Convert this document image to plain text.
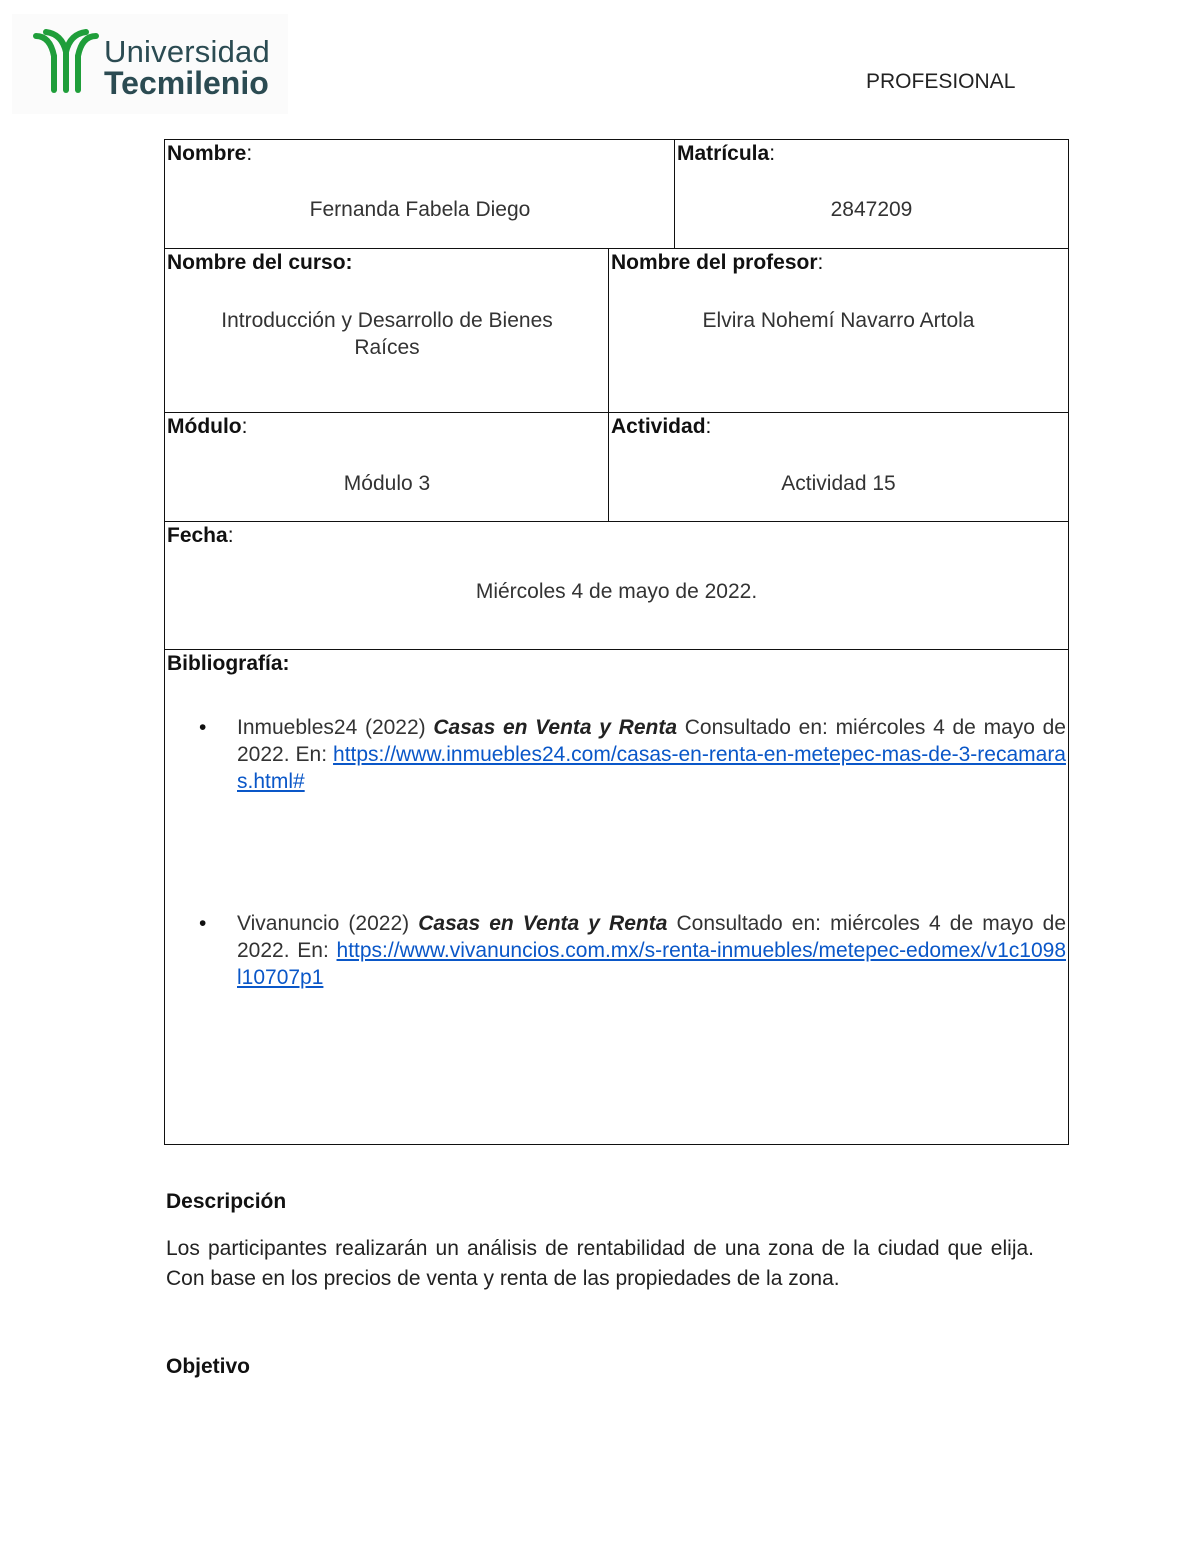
Universidad
Tecmilenio	PROFESIONAL
Nombre:
Fernanda Fabela Diego
Matrícula:
2847209
Nombre del curso:
Introducción y Desarrollo de Bienes Raíces
Nombre del profesor:
Elvira Nohemí Navarro Artola
Módulo:
Módulo 3
Actividad:
Actividad 15
Fecha:
Miércoles 4 de mayo de 2022.
Bibliografía:
• Inmuebles24 (2022) Casas en Venta y Renta Consultado en: miércoles 4 de mayo de 2022. En: https://www.inmuebles24.com/casas-en-renta-en-metepec-mas-de-3-recamaras.html#
• Vivanuncio (2022) Casas en Venta y Renta Consultado en: miércoles 4 de mayo de 2022. En: https://www.vivanuncios.com.mx/s-renta-inmuebles/metepec-edomex/v1c1098l10707p1
Descripción
Los participantes realizarán un análisis de rentabilidad de una zona de la ciudad que elija. Con base en los precios de venta y renta de las propiedades de la zona.
Objetivo
